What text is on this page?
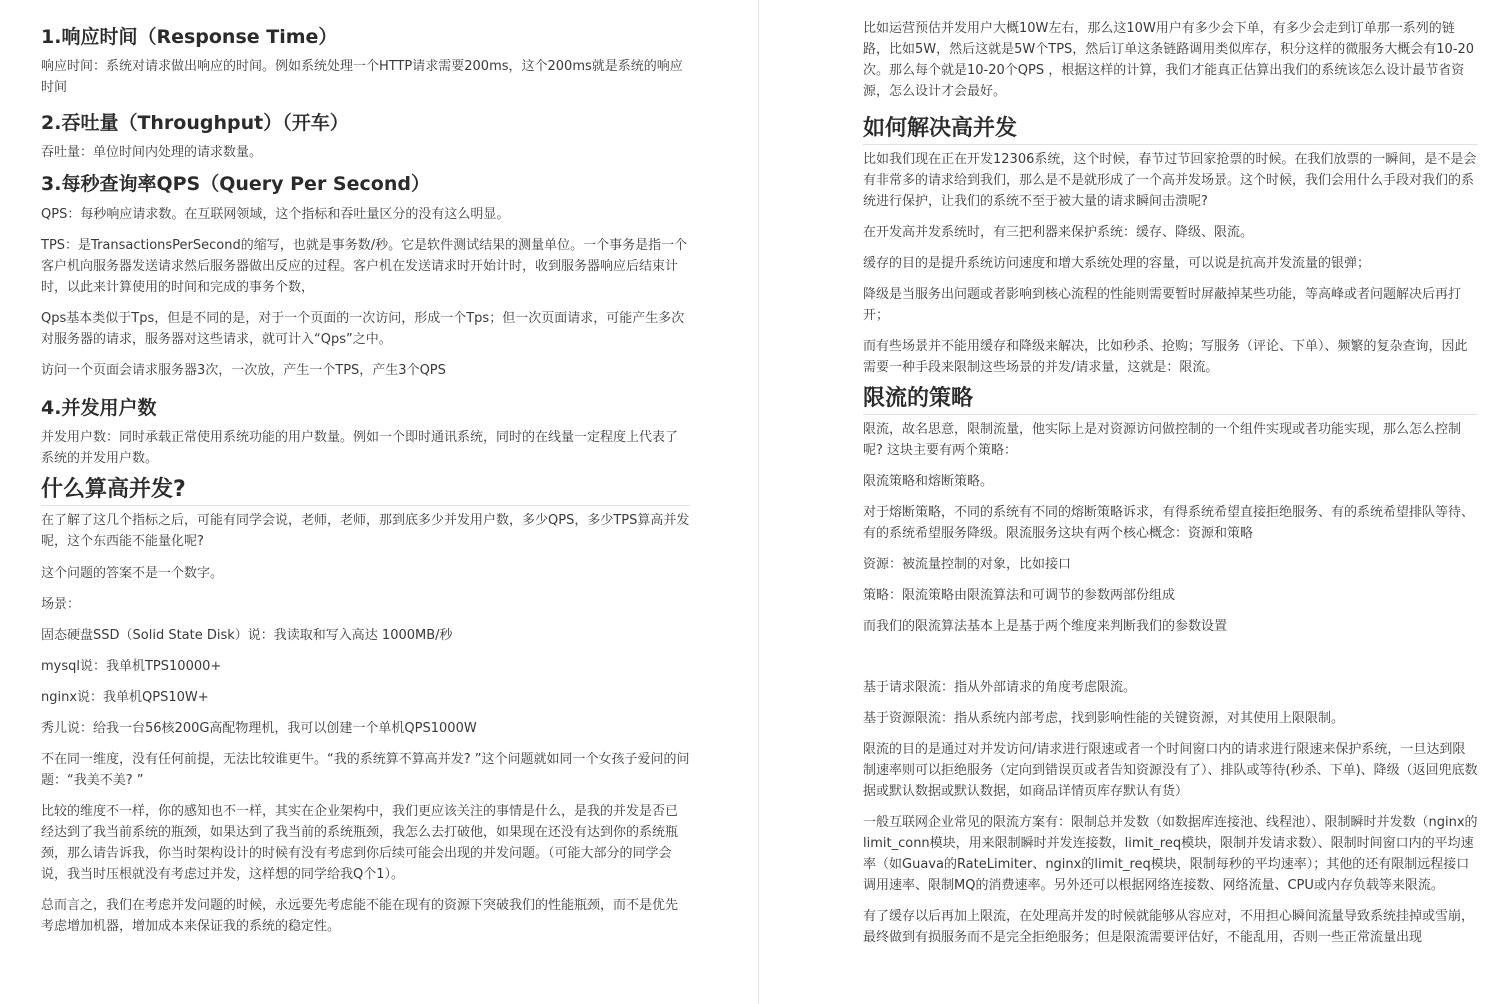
1.响应时间（Response Time）

响应时间：系统对请求做出响应的时间。例如系统处理一个HTTP请求需要200ms，这个200ms就是系统的响应时间

2.吞吐量（Throughput）（开车）

吞吐量：单位时间内处理的请求数量。

3.每秒查询率QPS（Query Per Second）

QPS：每秒响应请求数。在互联网领域，这个指标和吞吐量区分的没有这么明显。

TPS：是TransactionsPerSecond的缩写，也就是事务数/秒。它是软件测试结果的测量单位。一个事务是指一个客户机向服务器发送请求然后服务器做出反应的过程。客户机在发送请求时开始计时，收到服务器响应后结束计时，以此来计算使用的时间和完成的事务个数，

Qps基本类似于Tps，但是不同的是，对于一个页面的一次访问，形成一个Tps；但一次页面请求，可能产生多次对服务器的请求，服务器对这些请求，就可计入“Qps”之中。

访问一个页面会请求服务器3次，一次放，产生一个TPS，产生3个QPS

4.并发用户数

并发用户数：同时承载正常使用系统功能的用户数量。例如一个即时通讯系统，同时的在线量一定程度上代表了系统的并发用户数。

什么算高并发?

在了解了这几个指标之后，可能有同学会说，老师，老师，那到底多少并发用户数，多少QPS，多少TPS算高并发呢，这个东西能不能量化呢?

这个问题的答案不是一个数字。

场景：

固态硬盘SSD（Solid State Disk）说：我读取和写入高达 1000MB/秒

mysql说：我单机TPS10000+

nginx说：我单机QPS10W+

秀儿说：给我一台56核200G高配物理机，我可以创建一个单机QPS1000W

不在同一维度，没有任何前提，无法比较谁更牛。“我的系统算不算高并发? ”这个问题就如同一个女孩子爱问的问题：“我美不美? ”

比较的维度不一样，你的感知也不一样，其实在企业架构中，我们更应该关注的事情是什么，是我的并发是否已经达到了我当前系统的瓶颈，如果达到了我当前的系统瓶颈，我怎么去打破他，如果现在还没有达到你的系统瓶颈，那么请告诉我，你当时架构设计的时候有没有考虑到你后续可能会出现的并发问题。（可能大部分的同学会说，我当时压根就没有考虑过并发，这样想的同学给我Q个1）。

总而言之，我们在考虑并发问题的时候，永远要先考虑能不能在现有的资源下突破我们的性能瓶颈，而不是优先考虑增加机器，增加成本来保证我的系统的稳定性。

比如运营预估并发用户大概10W左右，那么这10W用户有多少会下单，有多少会走到订单那一系列的链路，比如5W，然后这就是5W个TPS，然后订单这条链路调用类似库存，积分这样的微服务大概会有10-20次。那么每个就是10-20个QPS ，根据这样的计算，我们才能真正估算出我们的系统该怎么设计最节省资源，怎么设计才会最好。

如何解决高并发

比如我们现在正在开发12306系统，这个时候，春节过节回家抢票的时候。在我们放票的一瞬间，是不是会有非常多的请求给到我们，那么是不是就形成了一个高并发场景。这个时候，我们会用什么手段对我们的系统进行保护，让我们的系统不至于被大量的请求瞬间击溃呢?

在开发高并发系统时，有三把利器来保护系统：缓存、降级、限流。

缓存的目的是提升系统访问速度和增大系统处理的容量，可以说是抗高并发流量的银弹；

降级是当服务出问题或者影响到核心流程的性能则需要暂时屏蔽掉某些功能，等高峰或者问题解决后再打开；

而有些场景并不能用缓存和降级来解决，比如秒杀、抢购；写服务（评论、下单）、频繁的复杂查询，因此需要一种手段来限制这些场景的并发/请求量，这就是：限流。

限流的策略

限流，故名思意，限制流量，他实际上是对资源访问做控制的一个组件实现或者功能实现，那么怎么控制呢? 这块主要有两个策略：

限流策略和熔断策略。

对于熔断策略，不同的系统有不同的熔断策略诉求，有得系统希望直接拒绝服务、有的系统希望排队等待、有的系统希望服务降级。限流服务这块有两个核心概念：资源和策略

资源：被流量控制的对象，比如接口

策略：限流策略由限流算法和可调节的参数两部份组成

而我们的限流算法基本上是基于两个维度来判断我们的参数设置

基于请求限流：指从外部请求的角度考虑限流。

基于资源限流：指从系统内部考虑，找到影响性能的关键资源，对其使用上限限制。

限流的目的是通过对并发访问/请求进行限速或者一个时间窗口内的请求进行限速来保护系统，一旦达到限制速率则可以拒绝服务（定向到错误页或者告知资源没有了）、排队或等待(秒杀、下单)、降级（返回兜底数据或默认数据或默认数据，如商品详情页库存默认有货）

一般互联网企业常见的限流方案有：限制总并发数（如数据库连接池、线程池）、限制瞬时并发数（nginx的limit_conn模块，用来限制瞬时并发连接数，limit_req模块，限制并发请求数）、限制时间窗口内的平均速率（如Guava的RateLimiter、nginx的limit_req模块，限制每秒的平均速率）；其他的还有限制远程接口调用速率、限制MQ的消费速率。另外还可以根据网络连接数、网络流量、CPU或内存负载等来限流。

有了缓存以后再加上限流，在处理高并发的时候就能够从容应对，不用担心瞬间流量导致系统挂掉或雪崩，最终做到有损服务而不是完全拒绝服务；但是限流需要评估好，不能乱用，否则一些正常流量出现
